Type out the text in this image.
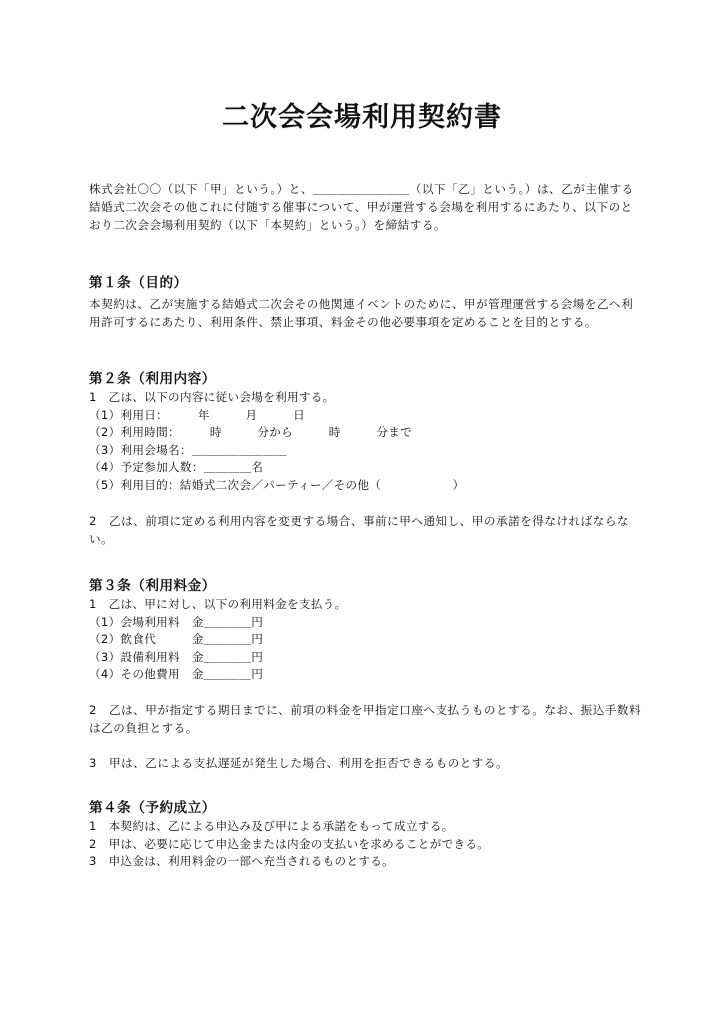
二次会会場利用契約書
株式会社〇〇（以下「甲」という。）と、＿＿＿＿＿＿＿＿（以下「乙」という。）は、乙が主催する結婚式二次会その他これに付随する催事について、甲が運営する会場を利用するにあたり、以下のとおり二次会会場利用契約（以下「本契約」という。）を締結する。

第１条（目的）

本契約は、乙が実施する結婚式二次会その他関連イベントのために、甲が管理運営する会場を乙へ利用許可するにあたり、利用条件、禁止事項、料金その他必要事項を定めることを目的とする。

第２条（利用内容）

1　乙は、以下の内容に従い会場を利用する。

（1）利用日：　　　年　　　月　　　日

（2）利用時間：　　　時　　　分から　　　時　　　分まで

（3）利用会場名：＿＿＿＿＿＿＿＿

（4）予定参加人数：＿＿＿＿名

（5）利用目的：結婚式二次会／パーティー／その他（　　　　　　）

2　乙は、前項に定める利用内容を変更する場合、事前に甲へ通知し、甲の承諾を得なければならない。

第３条（利用料金）

1　乙は、甲に対し、以下の利用料金を支払う。

（1）会場利用料　金＿＿＿＿円

（2）飲食代　　　金＿＿＿＿円

（3）設備利用料　金＿＿＿＿円

（4）その他費用　金＿＿＿＿円

2　乙は、甲が指定する期日までに、前項の料金を甲指定口座へ支払うものとする。なお、振込手数料は乙の負担とする。

3　甲は、乙による支払遅延が発生した場合、利用を拒否できるものとする。

第４条（予約成立）

1　本契約は、乙による申込み及び甲による承諾をもって成立する。

2　甲は、必要に応じて申込金または内金の支払いを求めることができる。

3　申込金は、利用料金の一部へ充当されるものとする。
